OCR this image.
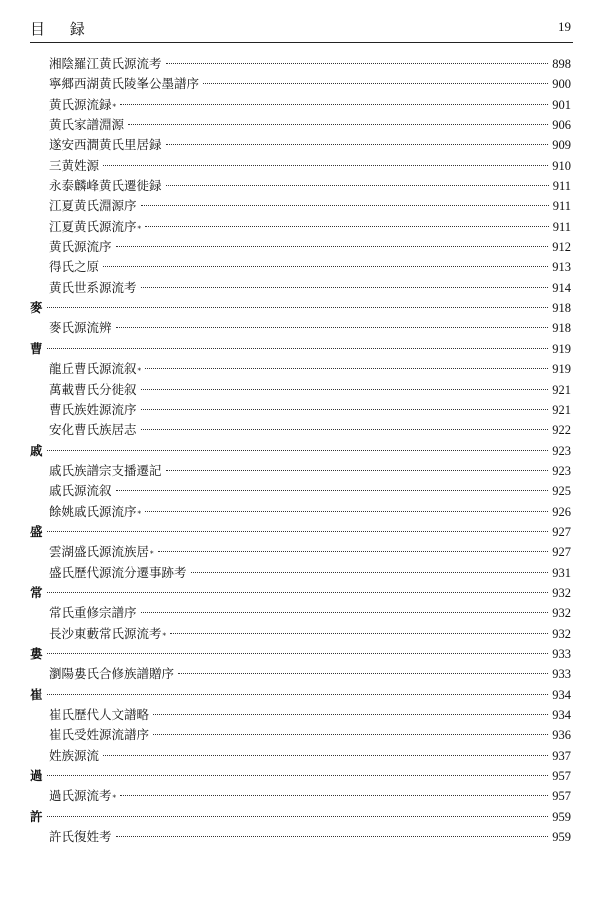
目 録	19
湘陰羅江黄氏源流考	898
寧郷西湖黄氏陵峯公墨譜序	900
黄氏源流録 *	901
黄氏家譜淵源	906
遂安西澗黄氏里居録	909
三黄姓源	910
永泰麟峰黄氏遷徙録	911
江夏黄氏淵源序	911
江夏黄氏源流序 *	911
黄氏源流序	912
得氏之原	913
黄氏世系源流考	914
麥	918
麥氏源流辨	918
曹	919
龍丘曹氏源流叙 *	919
萬載曹氏分徙叙	921
曹氏族姓源流序	921
安化曹氏族居志	922
戚	923
戚氏族譜宗支播遷記	923
戚氏源流叙	925
餘姚戚氏源流序 *	926
盛	927
雲湖盛氏源流族居 *	927
盛氏歷代源流分遷事跡考	931
常	932
常氏重修宗譜序	932
長沙東藪常氏源流考 *	932
婁	933
瀏陽婁氏合修族譜贈序	933
崔	934
崔氏歷代人文譜略	934
崔氏受姓源流譜序	936
姓族源流	937
過	957
過氏源流考 *	957
許	959
許氏復姓考	959
